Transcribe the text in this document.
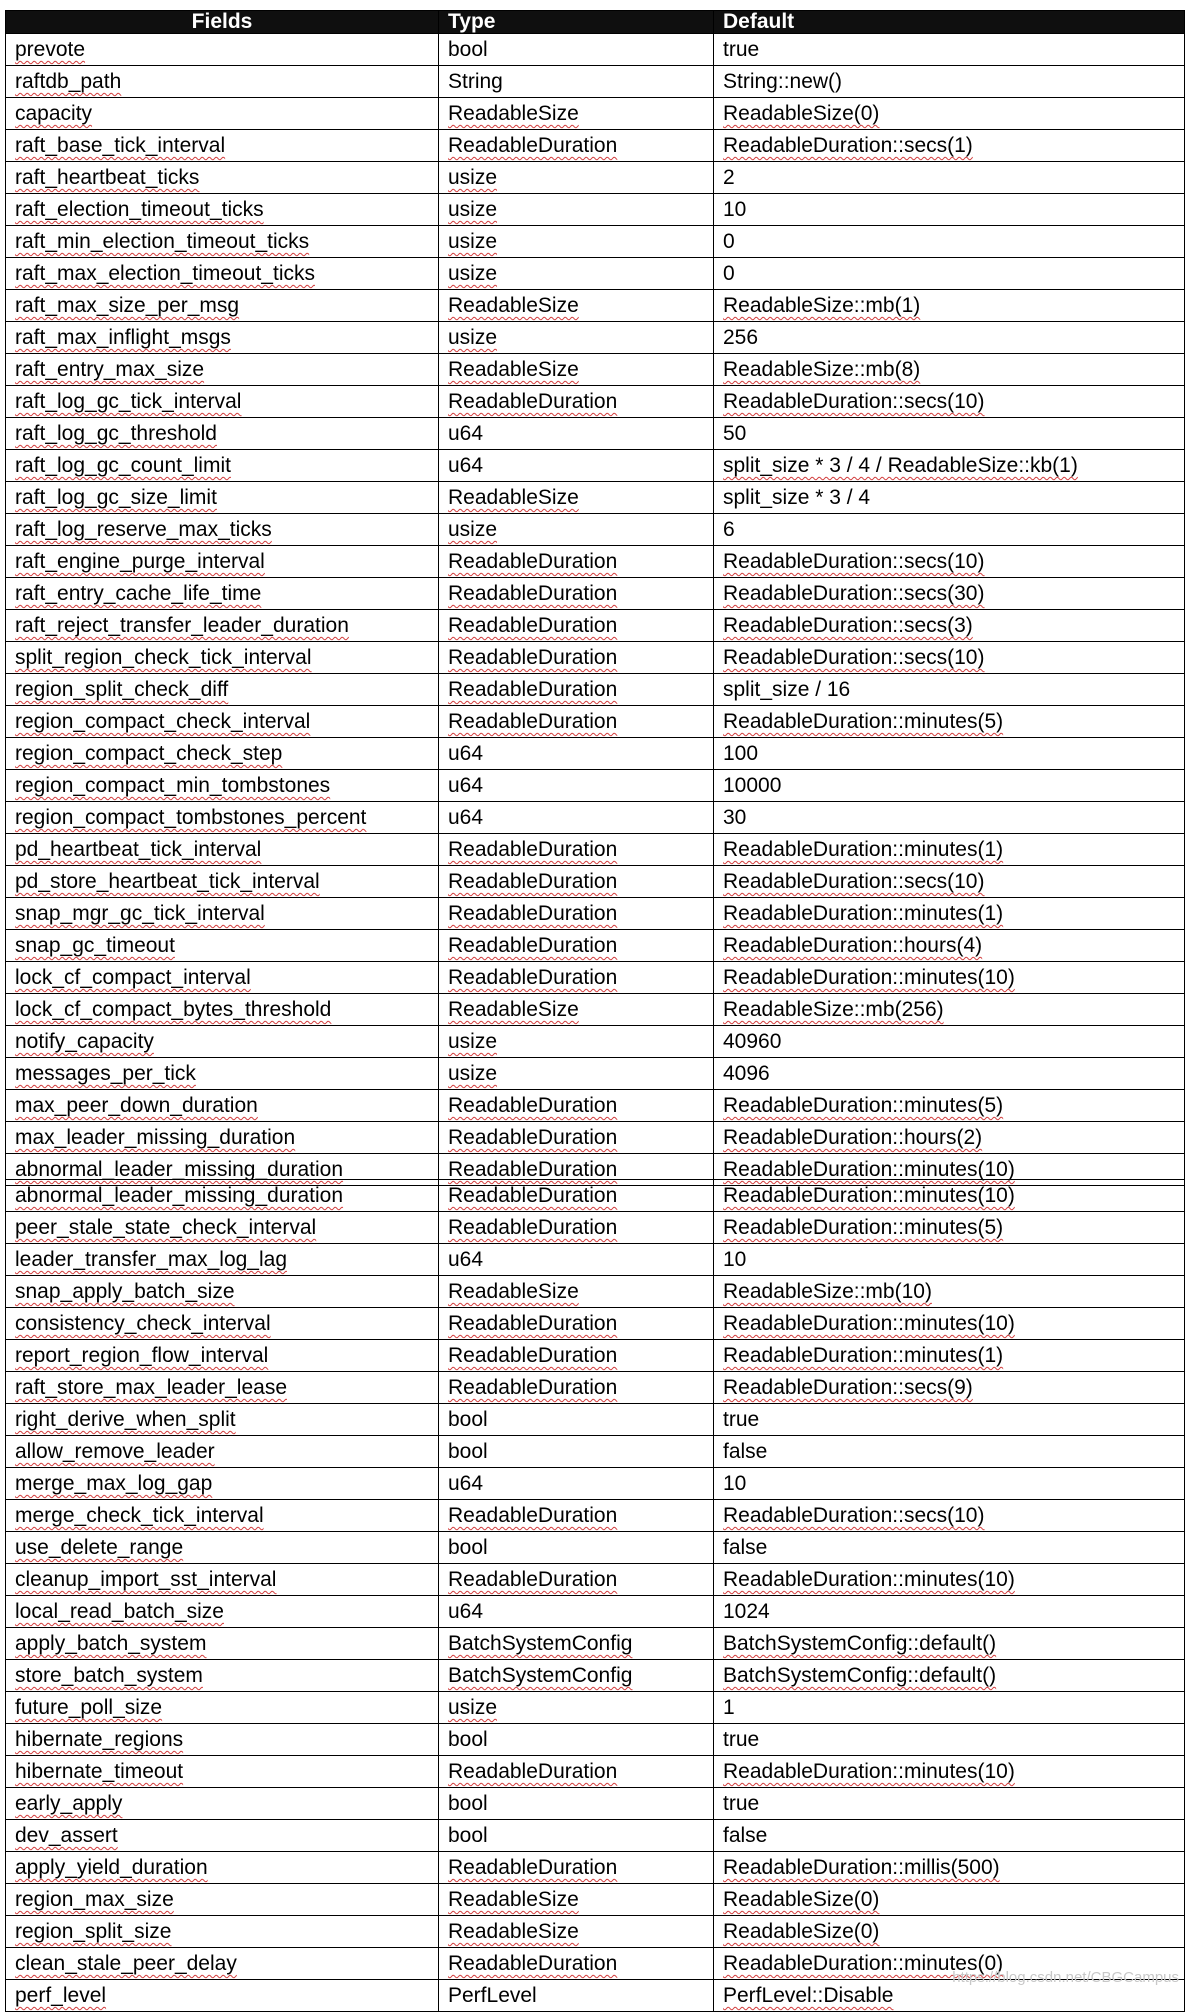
Fields	Type	Default
prevote	bool	true
raftdb_path	String	String::new()
capacity	ReadableSize	ReadableSize(0)
raft_base_tick_interval	ReadableDuration	ReadableDuration::secs(1)
raft_heartbeat_ticks	usize	2
raft_election_timeout_ticks	usize	10
raft_min_election_timeout_ticks	usize	0
raft_max_election_timeout_ticks	usize	0
raft_max_size_per_msg	ReadableSize	ReadableSize::mb(1)
raft_max_inflight_msgs	usize	256
raft_entry_max_size	ReadableSize	ReadableSize::mb(8)
raft_log_gc_tick_interval	ReadableDuration	ReadableDuration::secs(10)
raft_log_gc_threshold	u64	50
raft_log_gc_count_limit	u64	split_size * 3 / 4 / ReadableSize::kb(1)
raft_log_gc_size_limit	ReadableSize	split_size * 3 / 4
raft_log_reserve_max_ticks	usize	6
raft_engine_purge_interval	ReadableDuration	ReadableDuration::secs(10)
raft_entry_cache_life_time	ReadableDuration	ReadableDuration::secs(30)
raft_reject_transfer_leader_duration	ReadableDuration	ReadableDuration::secs(3)
split_region_check_tick_interval	ReadableDuration	ReadableDuration::secs(10)
region_split_check_diff	ReadableDuration	split_size / 16
region_compact_check_interval	ReadableDuration	ReadableDuration::minutes(5)
region_compact_check_step	u64	100
region_compact_min_tombstones	u64	10000
region_compact_tombstones_percent	u64	30
pd_heartbeat_tick_interval	ReadableDuration	ReadableDuration::minutes(1)
pd_store_heartbeat_tick_interval	ReadableDuration	ReadableDuration::secs(10)
snap_mgr_gc_tick_interval	ReadableDuration	ReadableDuration::minutes(1)
snap_gc_timeout	ReadableDuration	ReadableDuration::hours(4)
lock_cf_compact_interval	ReadableDuration	ReadableDuration::minutes(10)
lock_cf_compact_bytes_threshold	ReadableSize	ReadableSize::mb(256)
notify_capacity	usize	40960
messages_per_tick	usize	4096
max_peer_down_duration	ReadableDuration	ReadableDuration::minutes(5)
max_leader_missing_duration	ReadableDuration	ReadableDuration::hours(2)
abnormal_leader_missing_duration	ReadableDuration	ReadableDuration::minutes(10)
abnormal_leader_missing_duration	ReadableDuration	ReadableDuration::minutes(10)
peer_stale_state_check_interval	ReadableDuration	ReadableDuration::minutes(5)
leader_transfer_max_log_lag	u64	10
snap_apply_batch_size	ReadableSize	ReadableSize::mb(10)
consistency_check_interval	ReadableDuration	ReadableDuration::minutes(10)
report_region_flow_interval	ReadableDuration	ReadableDuration::minutes(1)
raft_store_max_leader_lease	ReadableDuration	ReadableDuration::secs(9)
right_derive_when_split	bool	true
allow_remove_leader	bool	false
merge_max_log_gap	u64	10
merge_check_tick_interval	ReadableDuration	ReadableDuration::secs(10)
use_delete_range	bool	false
cleanup_import_sst_interval	ReadableDuration	ReadableDuration::minutes(10)
local_read_batch_size	u64	1024
apply_batch_system	BatchSystemConfig	BatchSystemConfig::default()
store_batch_system	BatchSystemConfig	BatchSystemConfig::default()
future_poll_size	usize	1
hibernate_regions	bool	true
hibernate_timeout	ReadableDuration	ReadableDuration::minutes(10)
early_apply	bool	true
dev_assert	bool	false
apply_yield_duration	ReadableDuration	ReadableDuration::millis(500)
region_max_size	ReadableSize	ReadableSize(0)
region_split_size	ReadableSize	ReadableSize(0)
clean_stale_peer_delay	ReadableDuration	ReadableDuration::minutes(0)
perf_level	PerfLevel	PerfLevel::Disable
https://blog.csdn.net/CBGCampus
